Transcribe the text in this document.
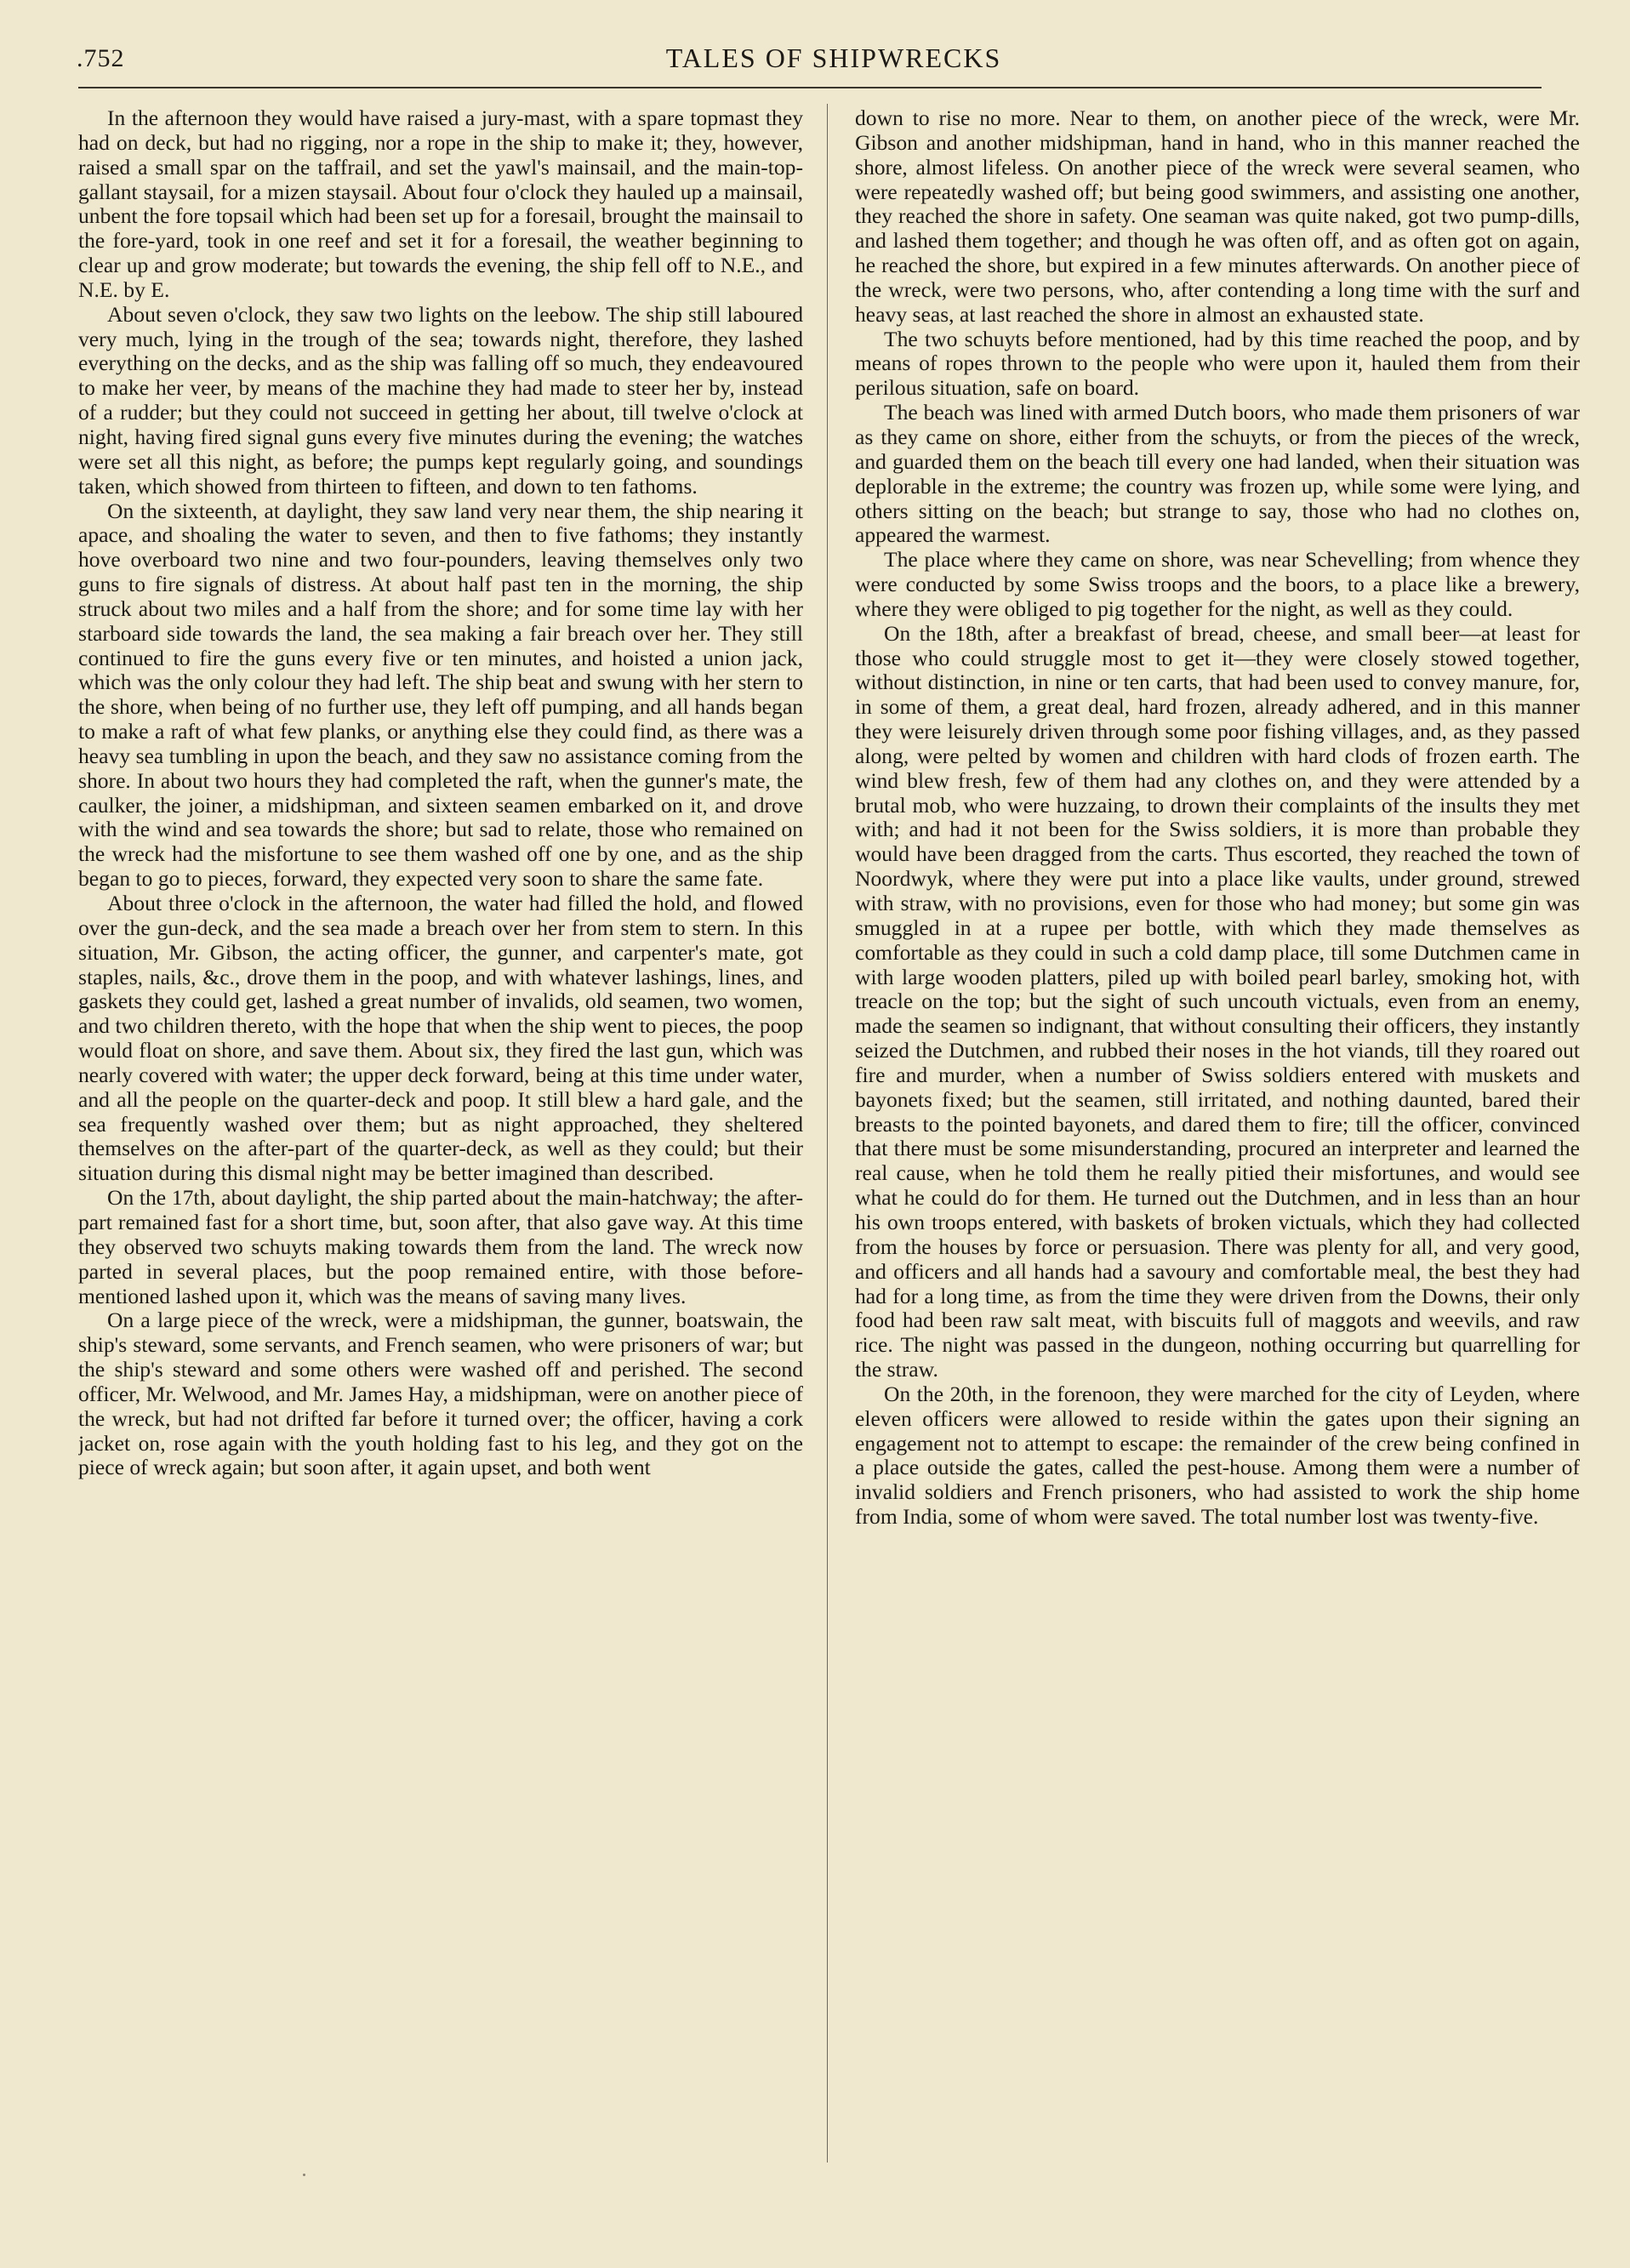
.752	TALES OF SHIPWRECKS

In the afternoon they would have raised a jury-mast, with a spare topmast they had on deck, but had no rigging, nor a rope in the ship to make it; they, however, raised a small spar on the taffrail, and set the yawl's mainsail, and the main-top-gallant staysail, for a mizen staysail. About four o'clock they hauled up a mainsail, unbent the fore topsail which had been set up for a foresail, brought the mainsail to the fore-yard, took in one reef and set it for a foresail, the weather beginning to clear up and grow moderate; but towards the evening, the ship fell off to N.E., and N.E. by E.

About seven o'clock, they saw two lights on the leebow. The ship still laboured very much, lying in the trough of the sea; towards night, therefore, they lashed everything on the decks, and as the ship was falling off so much, they endeavoured to make her veer, by means of the machine they had made to steer her by, instead of a rudder; but they could not succeed in getting her about, till twelve o'clock at night, having fired signal guns every five minutes during the evening; the watches were set all this night, as before; the pumps kept regularly going, and soundings taken, which showed from thirteen to fifteen, and down to ten fathoms.

On the sixteenth, at daylight, they saw land very near them, the ship nearing it apace, and shoaling the water to seven, and then to five fathoms; they instantly hove overboard two nine and two four-pounders, leaving themselves only two guns to fire signals of distress. At about half past ten in the morning, the ship struck about two miles and a half from the shore; and for some time lay with her starboard side towards the land, the sea making a fair breach over her. They still continued to fire the guns every five or ten minutes, and hoisted a union jack, which was the only colour they had left. The ship beat and swung with her stern to the shore, when being of no further use, they left off pumping, and all hands began to make a raft of what few planks, or anything else they could find, as there was a heavy sea tumbling in upon the beach, and they saw no assistance coming from the shore. In about two hours they had completed the raft, when the gunner's mate, the caulker, the joiner, a midshipman, and sixteen seamen embarked on it, and drove with the wind and sea towards the shore; but sad to relate, those who remained on the wreck had the misfortune to see them washed off one by one, and as the ship began to go to pieces, forward, they expected very soon to share the same fate.

About three o'clock in the afternoon, the water had filled the hold, and flowed over the gun-deck, and the sea made a breach over her from stem to stern. In this situation, Mr. Gibson, the acting officer, the gunner, and carpenter's mate, got staples, nails, &c., drove them in the poop, and with whatever lashings, lines, and gaskets they could get, lashed a great number of invalids, old seamen, two women, and two children thereto, with the hope that when the ship went to pieces, the poop would float on shore, and save them. About six, they fired the last gun, which was nearly covered with water; the upper deck forward, being at this time under water, and all the people on the quarter-deck and poop. It still blew a hard gale, and the sea frequently washed over them; but as night approached, they sheltered themselves on the after-part of the quarter-deck, as well as they could; but their situation during this dismal night may be better imagined than described.

On the 17th, about daylight, the ship parted about the main-hatchway; the after-part remained fast for a short time, but, soon after, that also gave way. At this time they observed two schuyts making towards them from the land. The wreck now parted in several places, but the poop remained entire, with those before-mentioned lashed upon it, which was the means of saving many lives.

On a large piece of the wreck, were a midshipman, the gunner, boatswain, the ship's steward, some servants, and French seamen, who were prisoners of war; but the ship's steward and some others were washed off and perished. The second officer, Mr. Welwood, and Mr. James Hay, a midshipman, were on another piece of the wreck, but had not drifted far before it turned over; the officer, having a cork jacket on, rose again with the youth holding fast to his leg, and they got on the piece of wreck again; but soon after, it again upset, and both went

down to rise no more. Near to them, on another piece of the wreck, were Mr. Gibson and another midshipman, hand in hand, who in this manner reached the shore, almost lifeless. On another piece of the wreck were several seamen, who were repeatedly washed off; but being good swimmers, and assisting one another, they reached the shore in safety. One seaman was quite naked, got two pump-dills, and lashed them together; and though he was often off, and as often got on again, he reached the shore, but expired in a few minutes afterwards. On another piece of the wreck, were two persons, who, after contending a long time with the surf and heavy seas, at last reached the shore in almost an exhausted state.

The two schuyts before mentioned, had by this time reached the poop, and by means of ropes thrown to the people who were upon it, hauled them from their perilous situation, safe on board.

The beach was lined with armed Dutch boors, who made them prisoners of war as they came on shore, either from the schuyts, or from the pieces of the wreck, and guarded them on the beach till every one had landed, when their situation was deplorable in the extreme; the country was frozen up, while some were lying, and others sitting on the beach; but strange to say, those who had no clothes on, appeared the warmest.

The place where they came on shore, was near Schevelling; from whence they were conducted by some Swiss troops and the boors, to a place like a brewery, where they were obliged to pig together for the night, as well as they could.

On the 18th, after a breakfast of bread, cheese, and small beer—at least for those who could struggle most to get it—they were closely stowed together, without distinction, in nine or ten carts, that had been used to convey manure, for, in some of them, a great deal, hard frozen, already adhered, and in this manner they were leisurely driven through some poor fishing villages, and, as they passed along, were pelted by women and children with hard clods of frozen earth. The wind blew fresh, few of them had any clothes on, and they were attended by a brutal mob, who were huzzaing, to drown their complaints of the insults they met with; and had it not been for the Swiss soldiers, it is more than probable they would have been dragged from the carts. Thus escorted, they reached the town of Noordwyk, where they were put into a place like vaults, under ground, strewed with straw, with no provisions, even for those who had money; but some gin was smuggled in at a rupee per bottle, with which they made themselves as comfortable as they could in such a cold damp place, till some Dutchmen came in with large wooden platters, piled up with boiled pearl barley, smoking hot, with treacle on the top; but the sight of such uncouth victuals, even from an enemy, made the seamen so indignant, that without consulting their officers, they instantly seized the Dutchmen, and rubbed their noses in the hot viands, till they roared out fire and murder, when a number of Swiss soldiers entered with muskets and bayonets fixed; but the seamen, still irritated, and nothing daunted, bared their breasts to the pointed bayonets, and dared them to fire; till the officer, convinced that there must be some misunderstanding, procured an interpreter and learned the real cause, when he told them he really pitied their misfortunes, and would see what he could do for them. He turned out the Dutchmen, and in less than an hour his own troops entered, with baskets of broken victuals, which they had collected from the houses by force or persuasion. There was plenty for all, and very good, and officers and all hands had a savoury and comfortable meal, the best they had had for a long time, as from the time they were driven from the Downs, their only food had been raw salt meat, with biscuits full of maggots and weevils, and raw rice. The night was passed in the dungeon, nothing occurring but quarrelling for the straw.

On the 20th, in the forenoon, they were marched for the city of Leyden, where eleven officers were allowed to reside within the gates upon their signing an engagement not to attempt to escape: the remainder of the crew being confined in a place outside the gates, called the pest-house. Among them were a number of invalid soldiers and French prisoners, who had assisted to work the ship home from India, some of whom were saved. The total number lost was twenty-five.
